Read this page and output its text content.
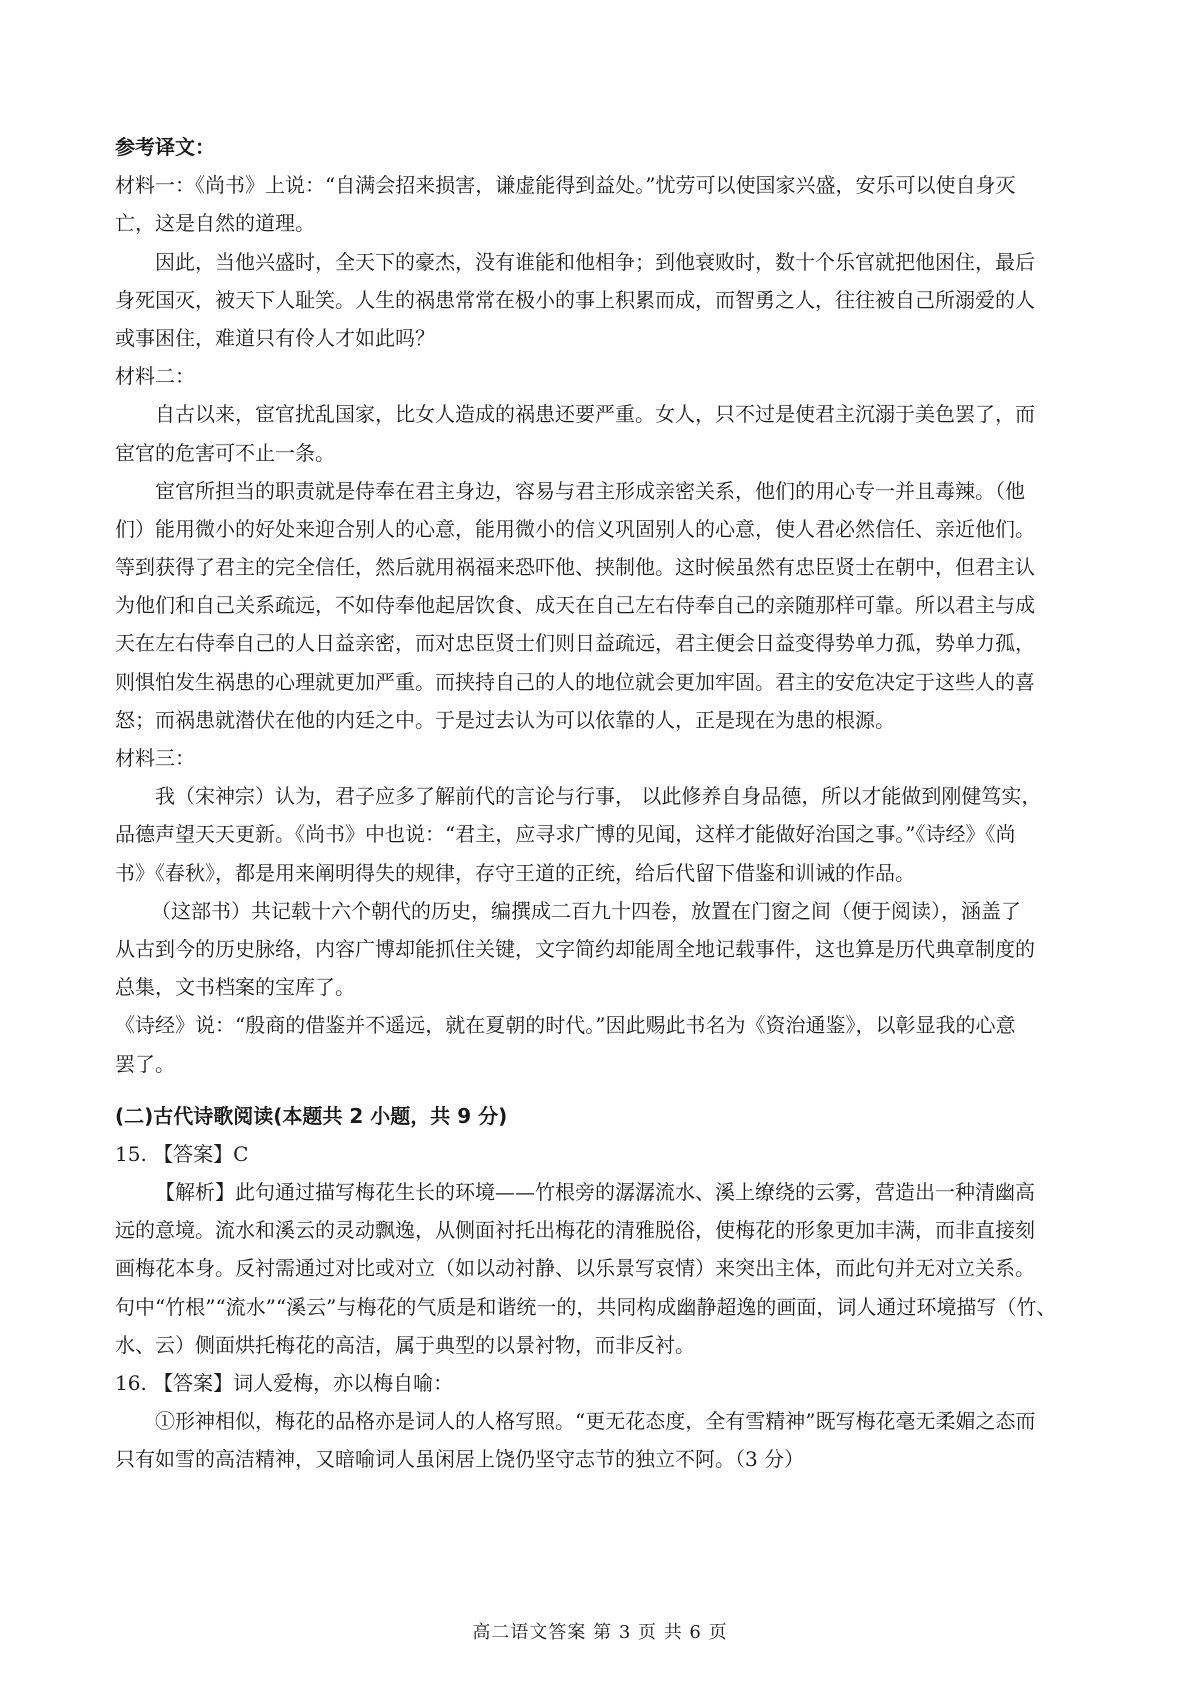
参考译文：
材料一：《尚书》上说：“自满会招来损害，谦虚能得到益处。”忧劳可以使国家兴盛，安乐可以使自身灭
亡，这是自然的道理。
因此，当他兴盛时，全天下的豪杰，没有谁能和他相争；到他衰败时，数十个乐官就把他困住，最后
身死国灭，被天下人耻笑。人生的祸患常常在极小的事上积累而成，而智勇之人，往往被自己所溺爱的人
或事困住，难道只有伶人才如此吗？
材料二：
自古以来，宦官扰乱国家，比女人造成的祸患还要严重。女人，只不过是使君主沉溺于美色罢了，而
宦官的危害可不止一条。
宦官所担当的职责就是侍奉在君主身边，容易与君主形成亲密关系，他们的用心专一并且毒辣。（他
们）能用微小的好处来迎合别人的心意，能用微小的信义巩固别人的心意，使人君必然信任、亲近他们。
等到获得了君主的完全信任，然后就用祸福来恐吓他、挟制他。这时候虽然有忠臣贤士在朝中，但君主认
为他们和自己关系疏远，不如侍奉他起居饮食、成天在自己左右侍奉自己的亲随那样可靠。所以君主与成
天在左右侍奉自己的人日益亲密，而对忠臣贤士们则日益疏远，君主便会日益变得势单力孤，势单力孤，
则惧怕发生祸患的心理就更加严重。而挟持自己的人的地位就会更加牢固。君主的安危决定于这些人的喜
怒；而祸患就潜伏在他的内廷之中。于是过去认为可以依靠的人，正是现在为患的根源。
材料三：
我（宋神宗）认为，君子应多了解前代的言论与行事， 以此修养自身品德，所以才能做到刚健笃实，
品德声望天天更新。《尚书》中也说：“君主，应寻求广博的见闻，这样才能做好治国之事。”《诗经》《尚
书》《春秋》，都是用来阐明得失的规律，存守王道的正统，给后代留下借鉴和训诫的作品。
（这部书）共记载十六个朝代的历史，编撰成二百九十四卷，放置在门窗之间（便于阅读），涵盖了
从古到今的历史脉络，内容广博却能抓住关键，文字简约却能周全地记载事件，这也算是历代典章制度的
总集，文书档案的宝库了。
《诗经》说：“殷商的借鉴并不遥远，就在夏朝的时代。”因此赐此书名为《资治通鉴》，以彰显我的心意
罢了。
(二)古代诗歌阅读(本题共 2 小题，共 9 分)
15. 【答案】C
【解析】此句通过描写梅花生长的环境——竹根旁的潺潺流水、溪上缭绕的云雾，营造出一种清幽高
远的意境。流水和溪云的灵动飘逸，从侧面衬托出梅花的清雅脱俗，使梅花的形象更加丰满，而非直接刻
画梅花本身。反衬需通过对比或对立（如以动衬静、以乐景写哀情）来突出主体，而此句并无对立关系。
句中“竹根”“流水”“溪云”与梅花的气质是和谐统一的，共同构成幽静超逸的画面，词人通过环境描写（竹、
水、云）侧面烘托梅花的高洁，属于典型的以景衬物，而非反衬。
16. 【答案】词人爱梅，亦以梅自喻：
①形神相似，梅花的品格亦是词人的人格写照。“更无花态度，全有雪精神”既写梅花毫无柔媚之态而
只有如雪的高洁精神，又暗喻词人虽闲居上饶仍坚守志节的独立不阿。（3 分）
高二语文答案 第 3 页 共 6 页
